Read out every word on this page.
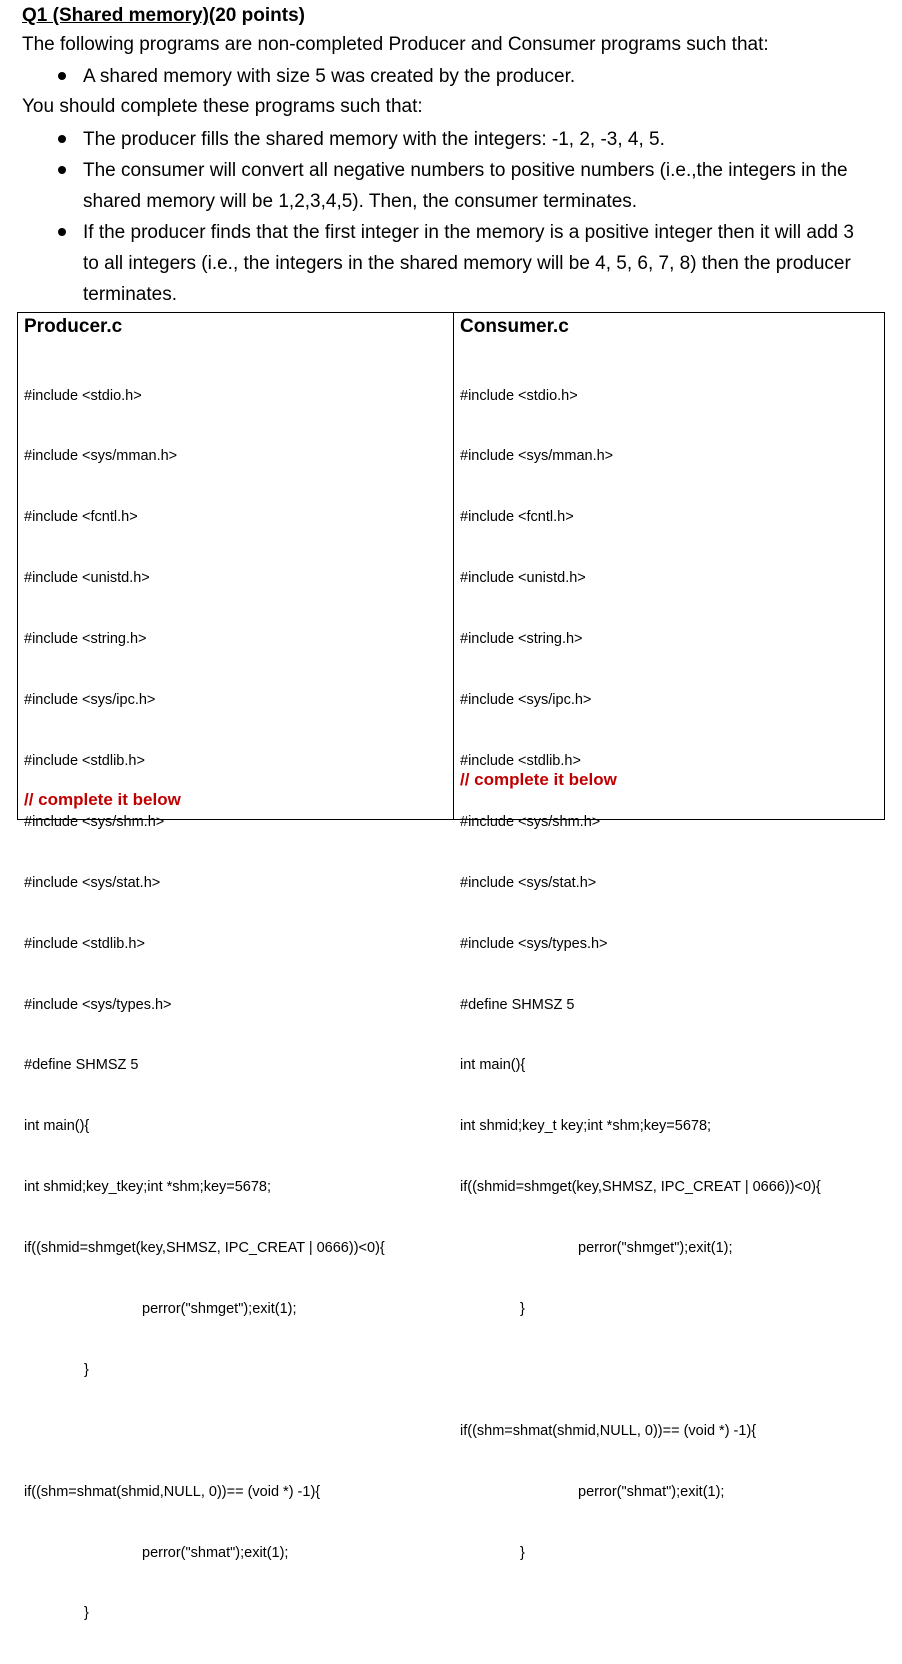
Q1 (Shared memory)(20 points)
The following programs are non-completed Producer and Consumer programs such that:
A shared memory with size 5 was created by the producer.
You should complete these programs such that:
The producer fills the shared memory with the integers: -1, 2, -3, 4, 5.
The consumer will convert all negative numbers to positive numbers (i.e.,the integers in the shared memory will be 1,2,3,4,5). Then, the consumer terminates.
If the producer finds that the first integer in the memory is a positive integer then it will add 3 to all integers (i.e., the integers in the shared memory will be 4, 5, 6, 7, 8) then the producer terminates.
Producer.c

#include <stdio.h>

#include <sys/mman.h>

#include <fcntl.h>

#include <unistd.h>

#include <string.h>

#include <sys/ipc.h>

#include <stdlib.h>

#include <sys/shm.h>

#include <sys/stat.h>

#include <stdlib.h>

#include <sys/types.h>

#define SHMSZ 5

int main(){

int shmid;key_tkey;int *shm;key=5678;

if((shmid=shmget(key,SHMSZ, IPC_CREAT | 0666))<0){

perror("shmget");exit(1);

}

if((shm=shmat(shmid,NULL, 0))== (void *) -1){

perror("shmat");exit(1);

}

// complete it below
Consumer.c

#include <stdio.h>

#include <sys/mman.h>

#include <fcntl.h>

#include <unistd.h>

#include <string.h>

#include <sys/ipc.h>

#include <stdlib.h>

#include <sys/shm.h>

#include <sys/stat.h>

#include <sys/types.h>

#define SHMSZ 5

int main(){

int shmid;key_t key;int *shm;key=5678;

if((shmid=shmget(key,SHMSZ, IPC_CREAT | 0666))<0){

perror("shmget");exit(1);

}

if((shm=shmat(shmid,NULL, 0))== (void *) -1){

perror("shmat");exit(1);

}

// complete it below
